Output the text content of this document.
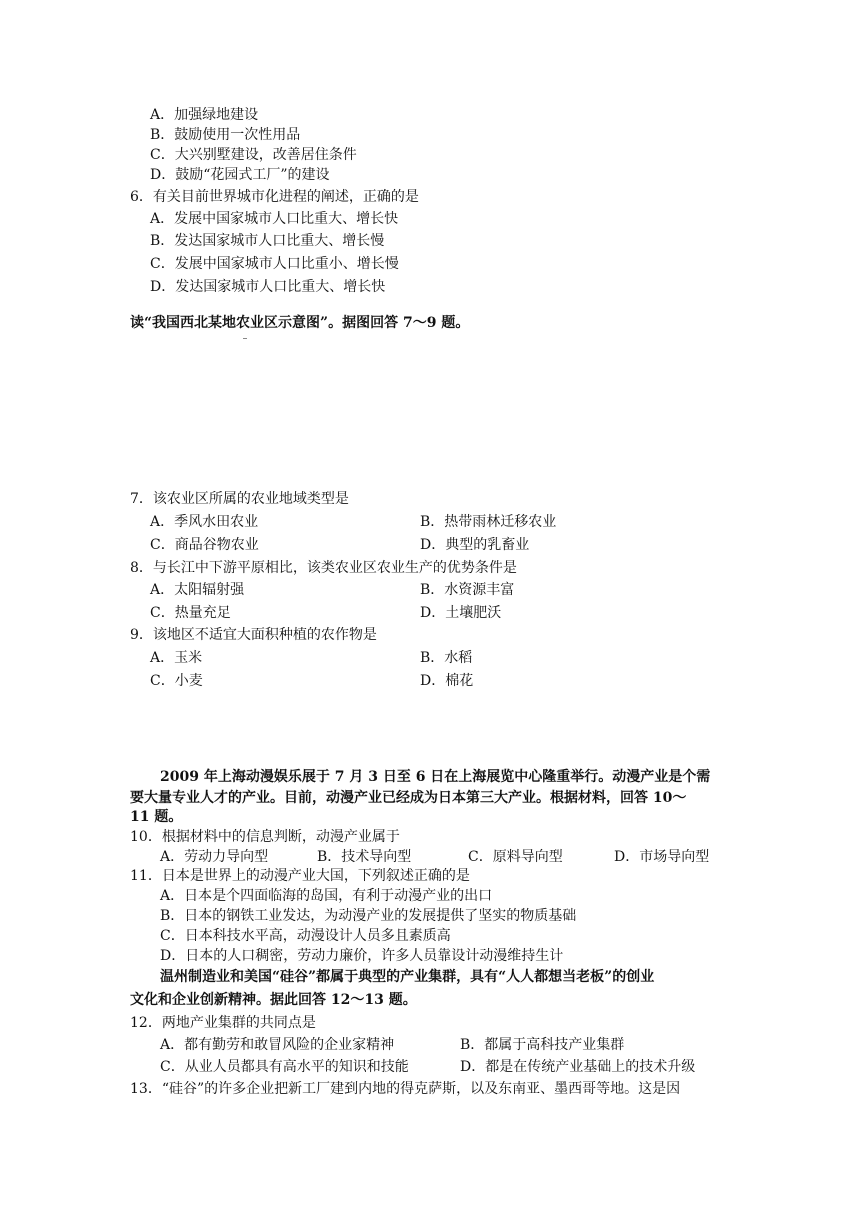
A．加强绿地建设
B．鼓励使用一次性用品
C．大兴别墅建设，改善居住条件
D．鼓励“花园式工厂”的建设
6．有关目前世界城市化进程的阐述，正确的是
A．发展中国家城市人口比重大、增长快
B．发达国家城市人口比重大、增长慢
C．发展中国家城市人口比重小、增长慢
D．发达国家城市人口比重大、增长快
读“我国西北某地农业区示意图”。据图回答 7～9 题。
7．该农业区所属的农业地域类型是
A．季风水田农业	B．热带雨林迁移农业
C．商品谷物农业	D．典型的乳畜业
8．与长江中下游平原相比，该类农业区农业生产的优势条件是
A．太阳辐射强	B．水资源丰富
C．热量充足	D．土壤肥沃
9．该地区不适宜大面积种植的农作物是
A．玉米	B．水稻
C．小麦	D．棉花
2009 年上海动漫娱乐展于 7 月 3 日至 6 日在上海展览中心隆重举行。动漫产业是个需
要大量专业人才的产业。目前，动漫产业已经成为日本第三大产业。根据材料，回答 10～
11 题。
10．根据材料中的信息判断，动漫产业属于
A．劳动力导向型	B．技术导向型	C．原料导向型	D．市场导向型
11．日本是世界上的动漫产业大国，下列叙述正确的是
A．日本是个四面临海的岛国，有利于动漫产业的出口
B．日本的钢铁工业发达，为动漫产业的发展提供了坚实的物质基础
C．日本科技水平高，动漫设计人员多且素质高
D．日本的人口稠密，劳动力廉价，许多人员靠设计动漫维持生计
温州制造业和美国“硅谷”都属于典型的产业集群，具有“人人都想当老板”的创业
文化和企业创新精神。据此回答 12～13 题。
12．两地产业集群的共同点是
A．都有勤劳和敢冒风险的企业家精神	B．都属于高科技产业集群
C．从业人员都具有高水平的知识和技能	D．都是在传统产业基础上的技术升级
13．“硅谷”的许多企业把新工厂建到内地的得克萨斯，以及东南亚、墨西哥等地。这是因
